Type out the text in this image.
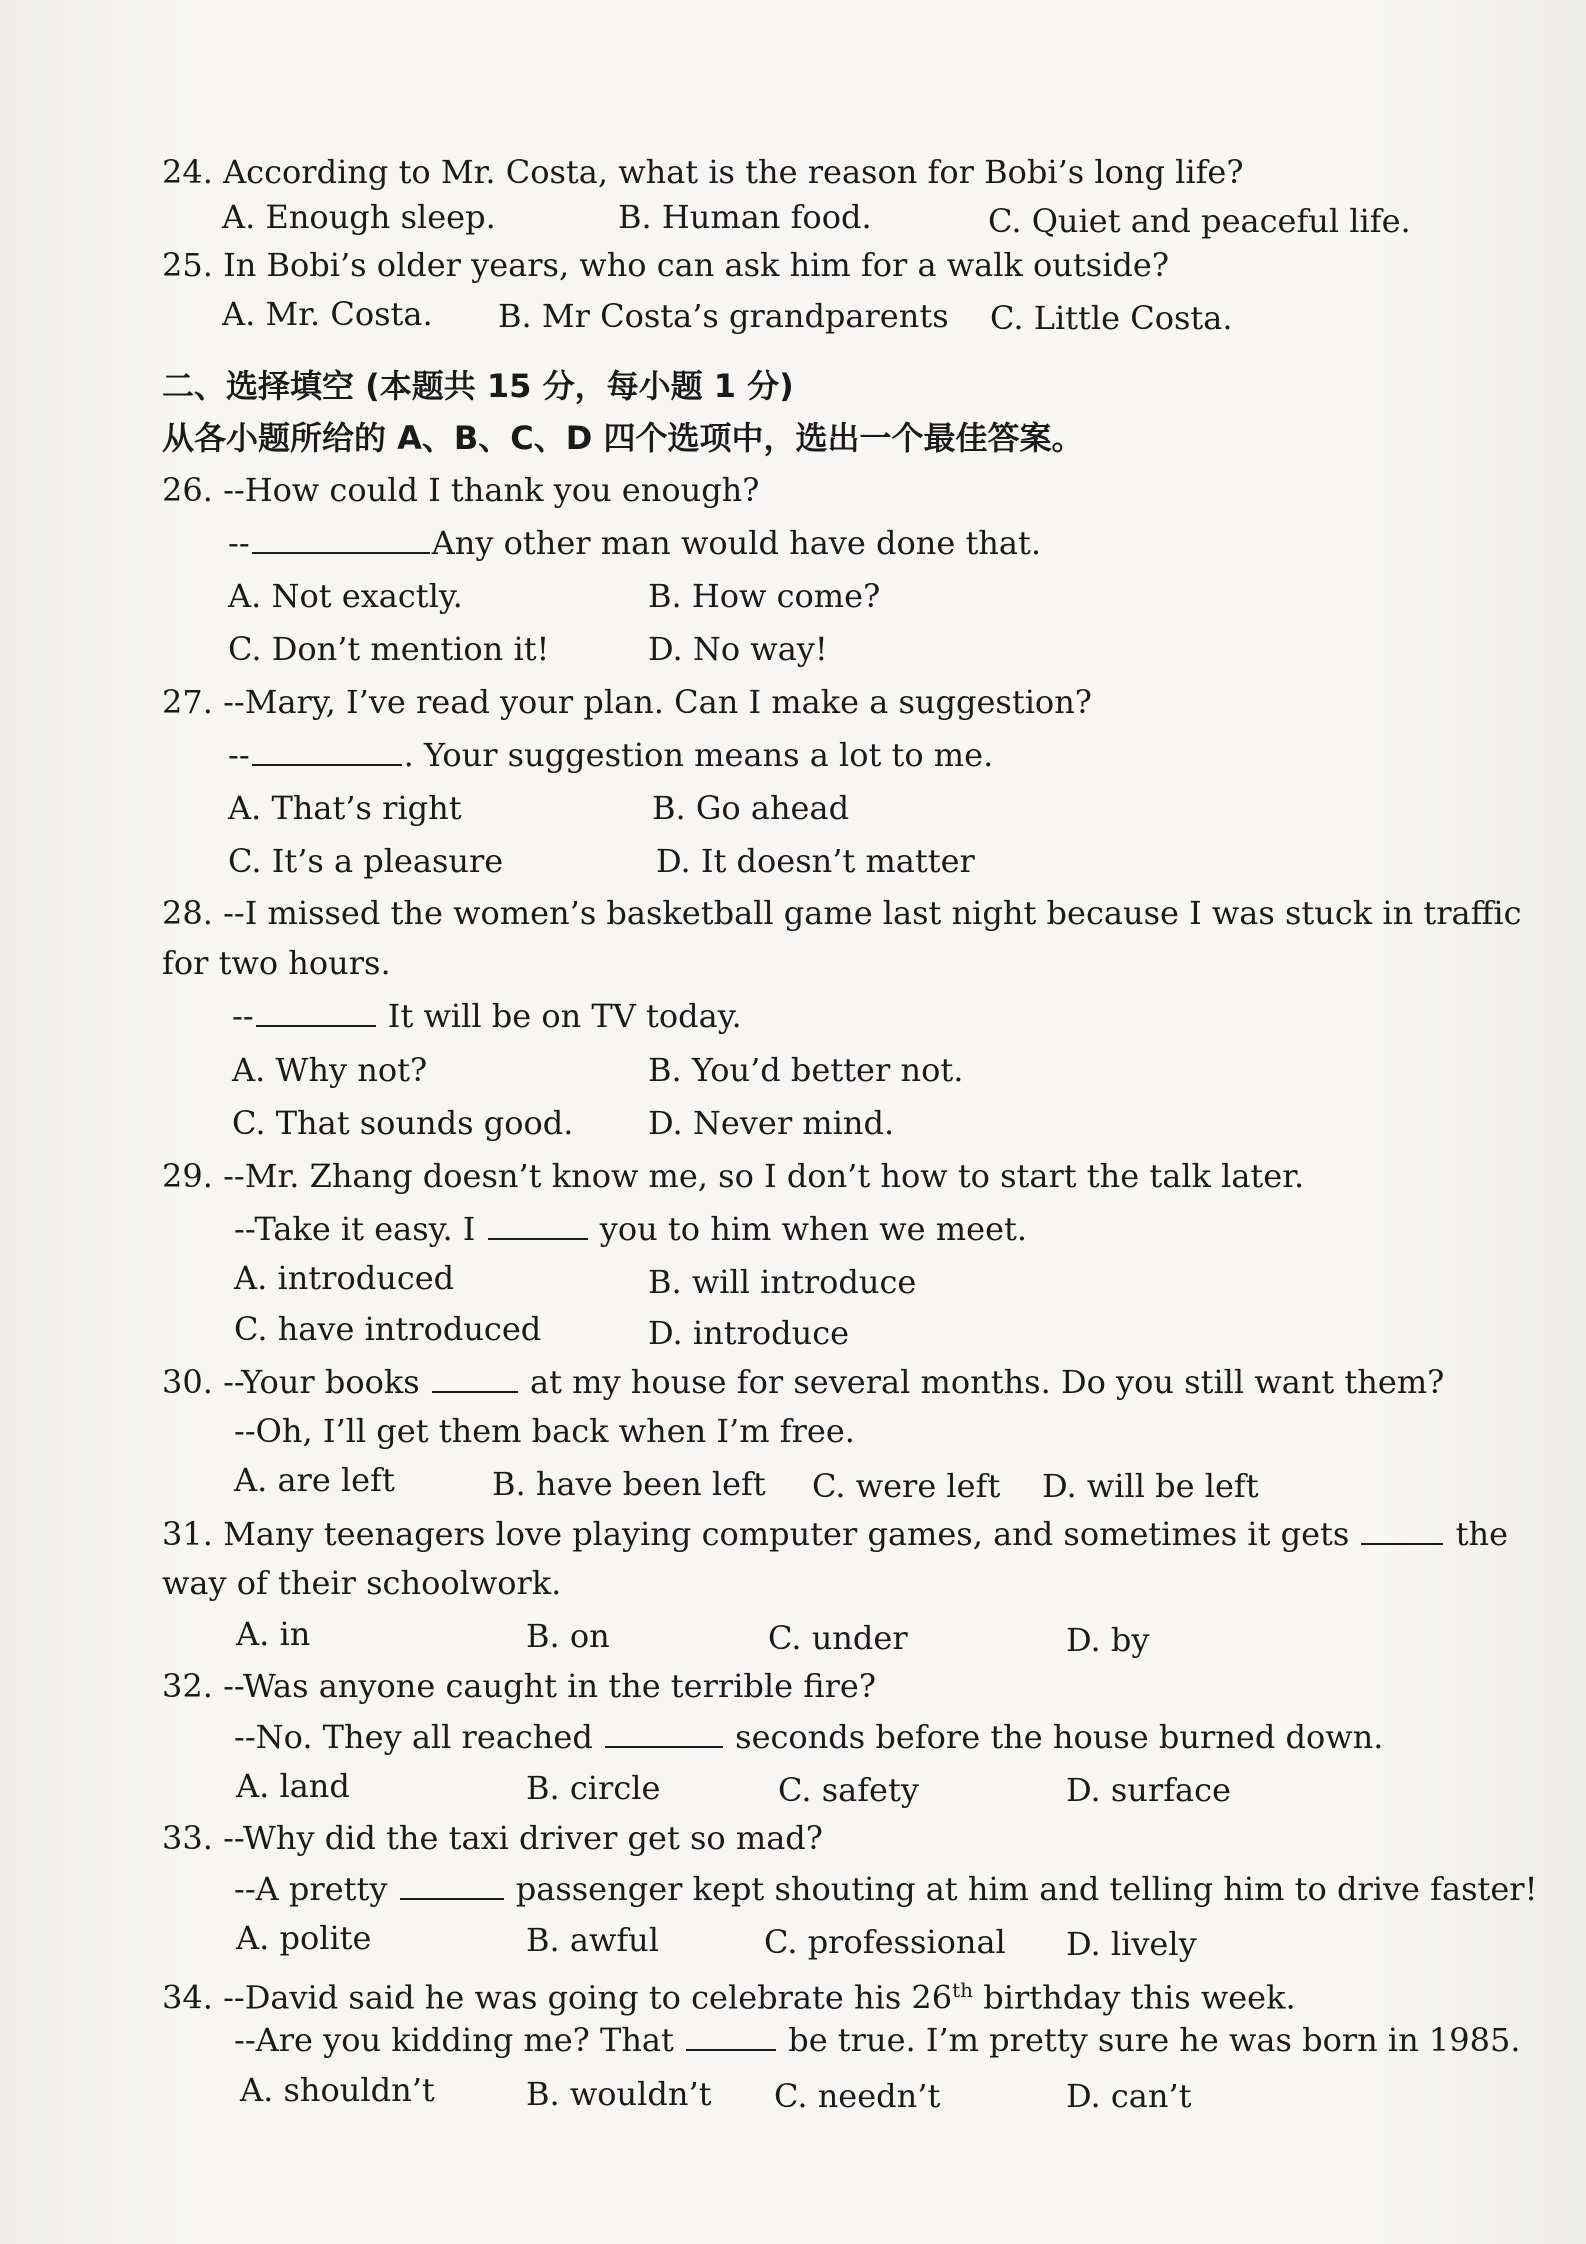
24. According to Mr. Costa, what is the reason for Bobi’s long life?
A. Enough sleep.	B. Human food.	C. Quiet and peaceful life.
25. In Bobi’s older years, who can ask him for a walk outside?
A. Mr. Costa. B. Mr Costa’s grandparents C. Little Costa.
二、选择填空 (本题共 15 分，每小题 1 分)
从各小题所给的 A、B、C、D 四个选项中，选出一个最佳答案。
26. --How could I thank you enough?
--	Any other man would have done that.
A. Not exactly.	B. How come?
C. Don’t mention it!	D. No way!
27. --Mary, I’ve read your plan. Can I make a suggestion?
--	. Your suggestion means a lot to me.
A. That’s right	B. Go ahead
C. It’s a pleasure	D. It doesn’t matter
28. --I missed the women’s basketball game last night because I was stuck in traffic
for two hours.
--	It will be on TV today.
A. Why not?	B. You’d better not.
C. That sounds good. D. Never mind.
29. --Mr. Zhang doesn’t know me, so I don’t how to start the talk later.
--Take it easy. I	you to him when we meet.
A. introduced	B. will introduce
C. have introduced	D. introduce
30. --Your books	at my house for several months. Do you still want them?
--Oh, I’ll get them back when I’m free.
A. are left	B. have been left C. were left D. will be left
31. Many teenagers love playing computer games, and sometimes it gets	the
way of their schoolwork.
A. in	B. on	C. under	D. by
32. --Was anyone caught in the terrible fire?
--No. They all reached	seconds before the house burned down.
A. land	B. circle	C. safety	D. surface
33. --Why did the taxi driver get so mad?
--A pretty	passenger kept shouting at him and telling him to drive faster!
A. polite	B. awful	C. professional D. lively
34. --David said he was going to celebrate his 26th birthday this week.
--Are you kidding me? That	be true. I’m pretty sure he was born in 1985.
A. shouldn’t	B. wouldn’t C. needn’t	D. can’t
